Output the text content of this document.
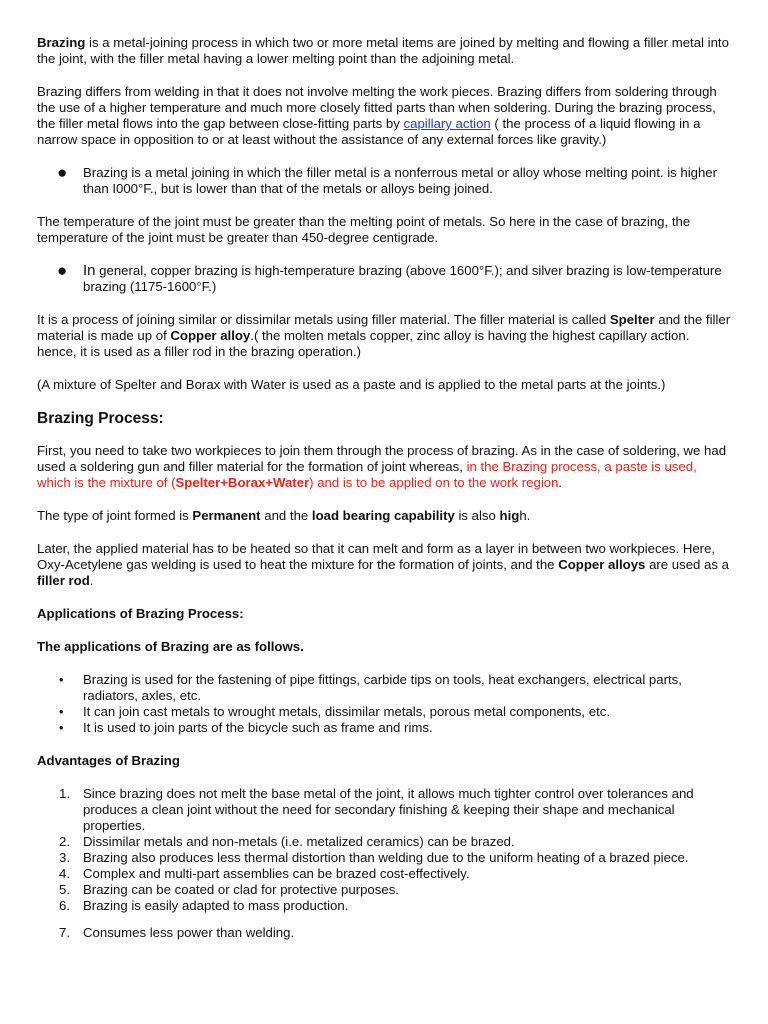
Brazing is a metal-joining process in which two or more metal items are joined by melting and flowing a filler metal into the joint, with the filler metal having a lower melting point than the adjoining metal.

Brazing differs from welding in that it does not involve melting the work pieces. Brazing differs from soldering through the use of a higher temperature and much more closely fitted parts than when soldering. During the brazing process, the filler metal flows into the gap between close-fitting parts by capillary action ( the process of a liquid flowing in a narrow space in opposition to or at least without the assistance of any external forces like gravity.)

● Brazing is a metal joining in which the filler metal is a nonferrous metal or alloy whose melting point. is higher than I000°F., but is lower than that of the metals or alloys being joined.

The temperature of the joint must be greater than the melting point of metals. So here in the case of brazing, the temperature of the joint must be greater than 450-degree centigrade.

● In general, copper brazing is high-temperature brazing (above 1600°F.); and silver brazing is low-temperature brazing (1175-1600°F.)

It is a process of joining similar or dissimilar metals using filler material. The filler material is called Spelter and the filler material is made up of Copper alloy.( the molten metals copper, zinc alloy is having the highest capillary action. hence, it is used as a filler rod in the brazing operation.)

(A mixture of Spelter and Borax with Water is used as a paste and is applied to the metal parts at the joints.)

Brazing Process:

First, you need to take two workpieces to join them through the process of brazing. As in the case of soldering, we had used a soldering gun and filler material for the formation of joint whereas, in the Brazing process, a paste is used, which is the mixture of (Spelter+Borax+Water) and is to be applied on to the work region.

The type of joint formed is Permanent and the load bearing capability is also high.

Later, the applied material has to be heated so that it can melt and form as a layer in between two workpieces. Here, Oxy-Acetylene gas welding is used to heat the mixture for the formation of joints, and the Copper alloys are used as a filler rod.

Applications of Brazing Process:

The applications of Brazing are as follows.

• Brazing is used for the fastening of pipe fittings, carbide tips on tools, heat exchangers, electrical parts, radiators, axles, etc.
• It can join cast metals to wrought metals, dissimilar metals, porous metal components, etc.
• It is used to join parts of the bicycle such as frame and rims.

Advantages of Brazing

1. Since brazing does not melt the base metal of the joint, it allows much tighter control over tolerances and produces a clean joint without the need for secondary finishing & keeping their shape and mechanical properties.
2. Dissimilar metals and non-metals (i.e. metalized ceramics) can be brazed.
3. Brazing also produces less thermal distortion than welding due to the uniform heating of a brazed piece.
4. Complex and multi-part assemblies can be brazed cost-effectively.
5. Brazing can be coated or clad for protective purposes.
6. Brazing is easily adapted to mass production.
7. Consumes less power than welding.
